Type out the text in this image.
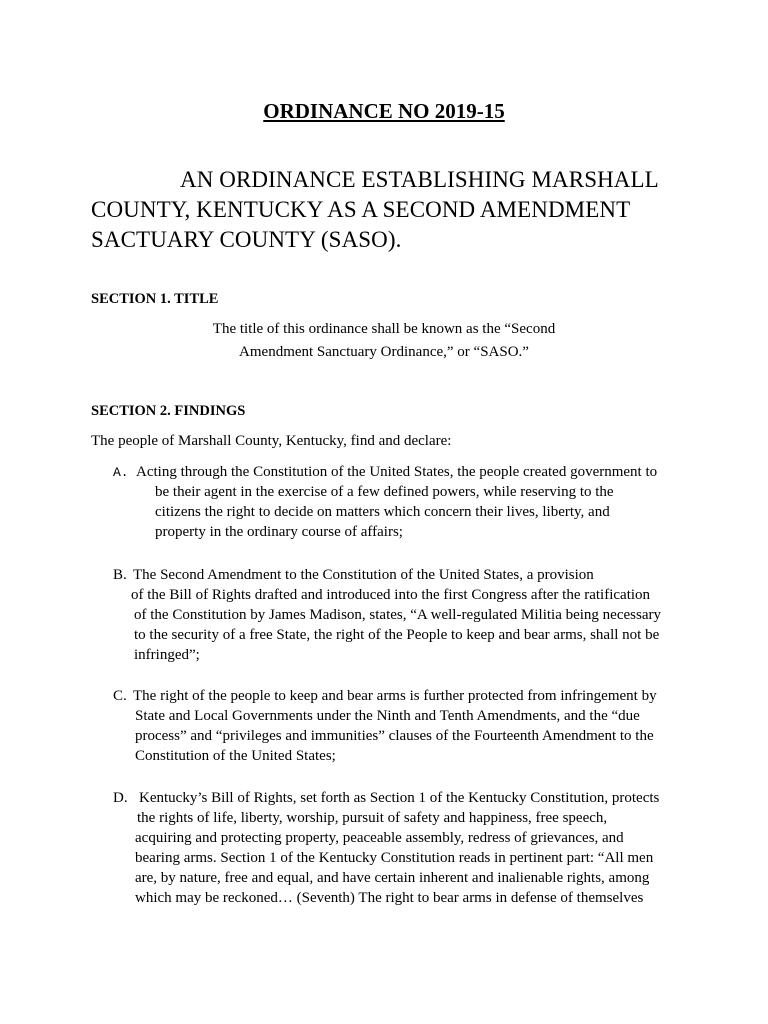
ORDINANCE NO 2019-15
AN ORDINANCE ESTABLISHING MARSHALL
COUNTY, KENTUCKY AS A SECOND AMENDMENT
SACTUARY COUNTY (SASO).
SECTION 1. TITLE
The title of this ordinance shall be known as the “Second
Amendment Sanctuary Ordinance,” or “SASO.”
SECTION 2. FINDINGS
The people of Marshall County, Kentucky, find and declare:
A. Acting through the Constitution of the United States, the people created government to
be their agent in the exercise of a few defined powers, while reserving to the
citizens the right to decide on matters which concern their lives, liberty, and
property in the ordinary course of affairs;
B. The Second Amendment to the Constitution of the United States, a provision
of the Bill of Rights drafted and introduced into the first Congress after the ratification
of the Constitution by James Madison, states, “A well-regulated Militia being necessary
to the security of a free State, the right of the People to keep and bear arms, shall not be
infringed”;
C. The right of the people to keep and bear arms is further protected from infringement by
State and Local Governments under the Ninth and Tenth Amendments, and the “due
process” and “privileges and immunities” clauses of the Fourteenth Amendment to the
Constitution of the United States;
D. Kentucky’s Bill of Rights, set forth as Section 1 of the Kentucky Constitution, protects
the rights of life, liberty, worship, pursuit of safety and happiness, free speech,
acquiring and protecting property, peaceable assembly, redress of grievances, and
bearing arms. Section 1 of the Kentucky Constitution reads in pertinent part: “All men
are, by nature, free and equal, and have certain inherent and inalienable rights, among
which may be reckoned… (Seventh) The right to bear arms in defense of themselves
